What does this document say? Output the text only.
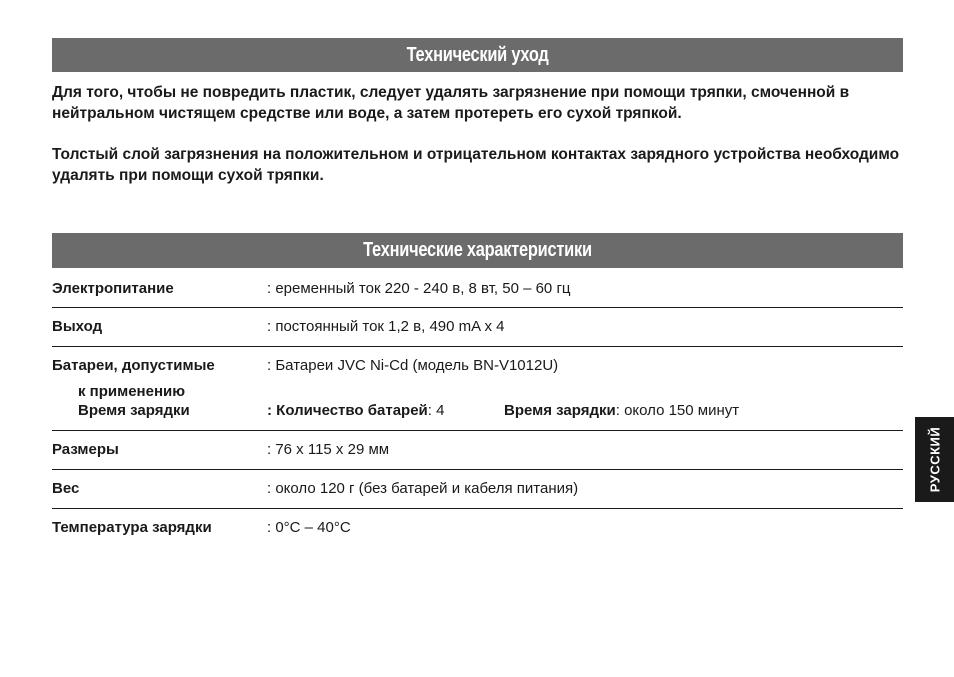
Технический уход
Для того, чтобы не повредить пластик, следует удалять загрязнение при помощи тряпки, смоченной в нейтральном чистящем средстве или воде, а затем протереть его сухой тряпкой.
Толстый слой загрязнения на положительном и отрицательном контактах зарядного устройства необходимо удалять при помощи сухой тряпки.
Технические характеристики
Электропитание	: еременный ток 220 - 240 в, 8 вт, 50 – 60 гц
Выход	: постоянный ток 1,2 в, 490 mA x 4
Батареи, допустимые	: Батареи JVC Ni-Cd (модель BN-V1012U)
к применению
Время зарядки	: Количество батарей: 4	Время зарядки: около 150 минут
Размеры	: 76 x 115 x 29 мм
Вес	: около 120 г (без батарей и кабеля питания)
Температура зарядки	: 0°C – 40°C
РУССКИЙ
